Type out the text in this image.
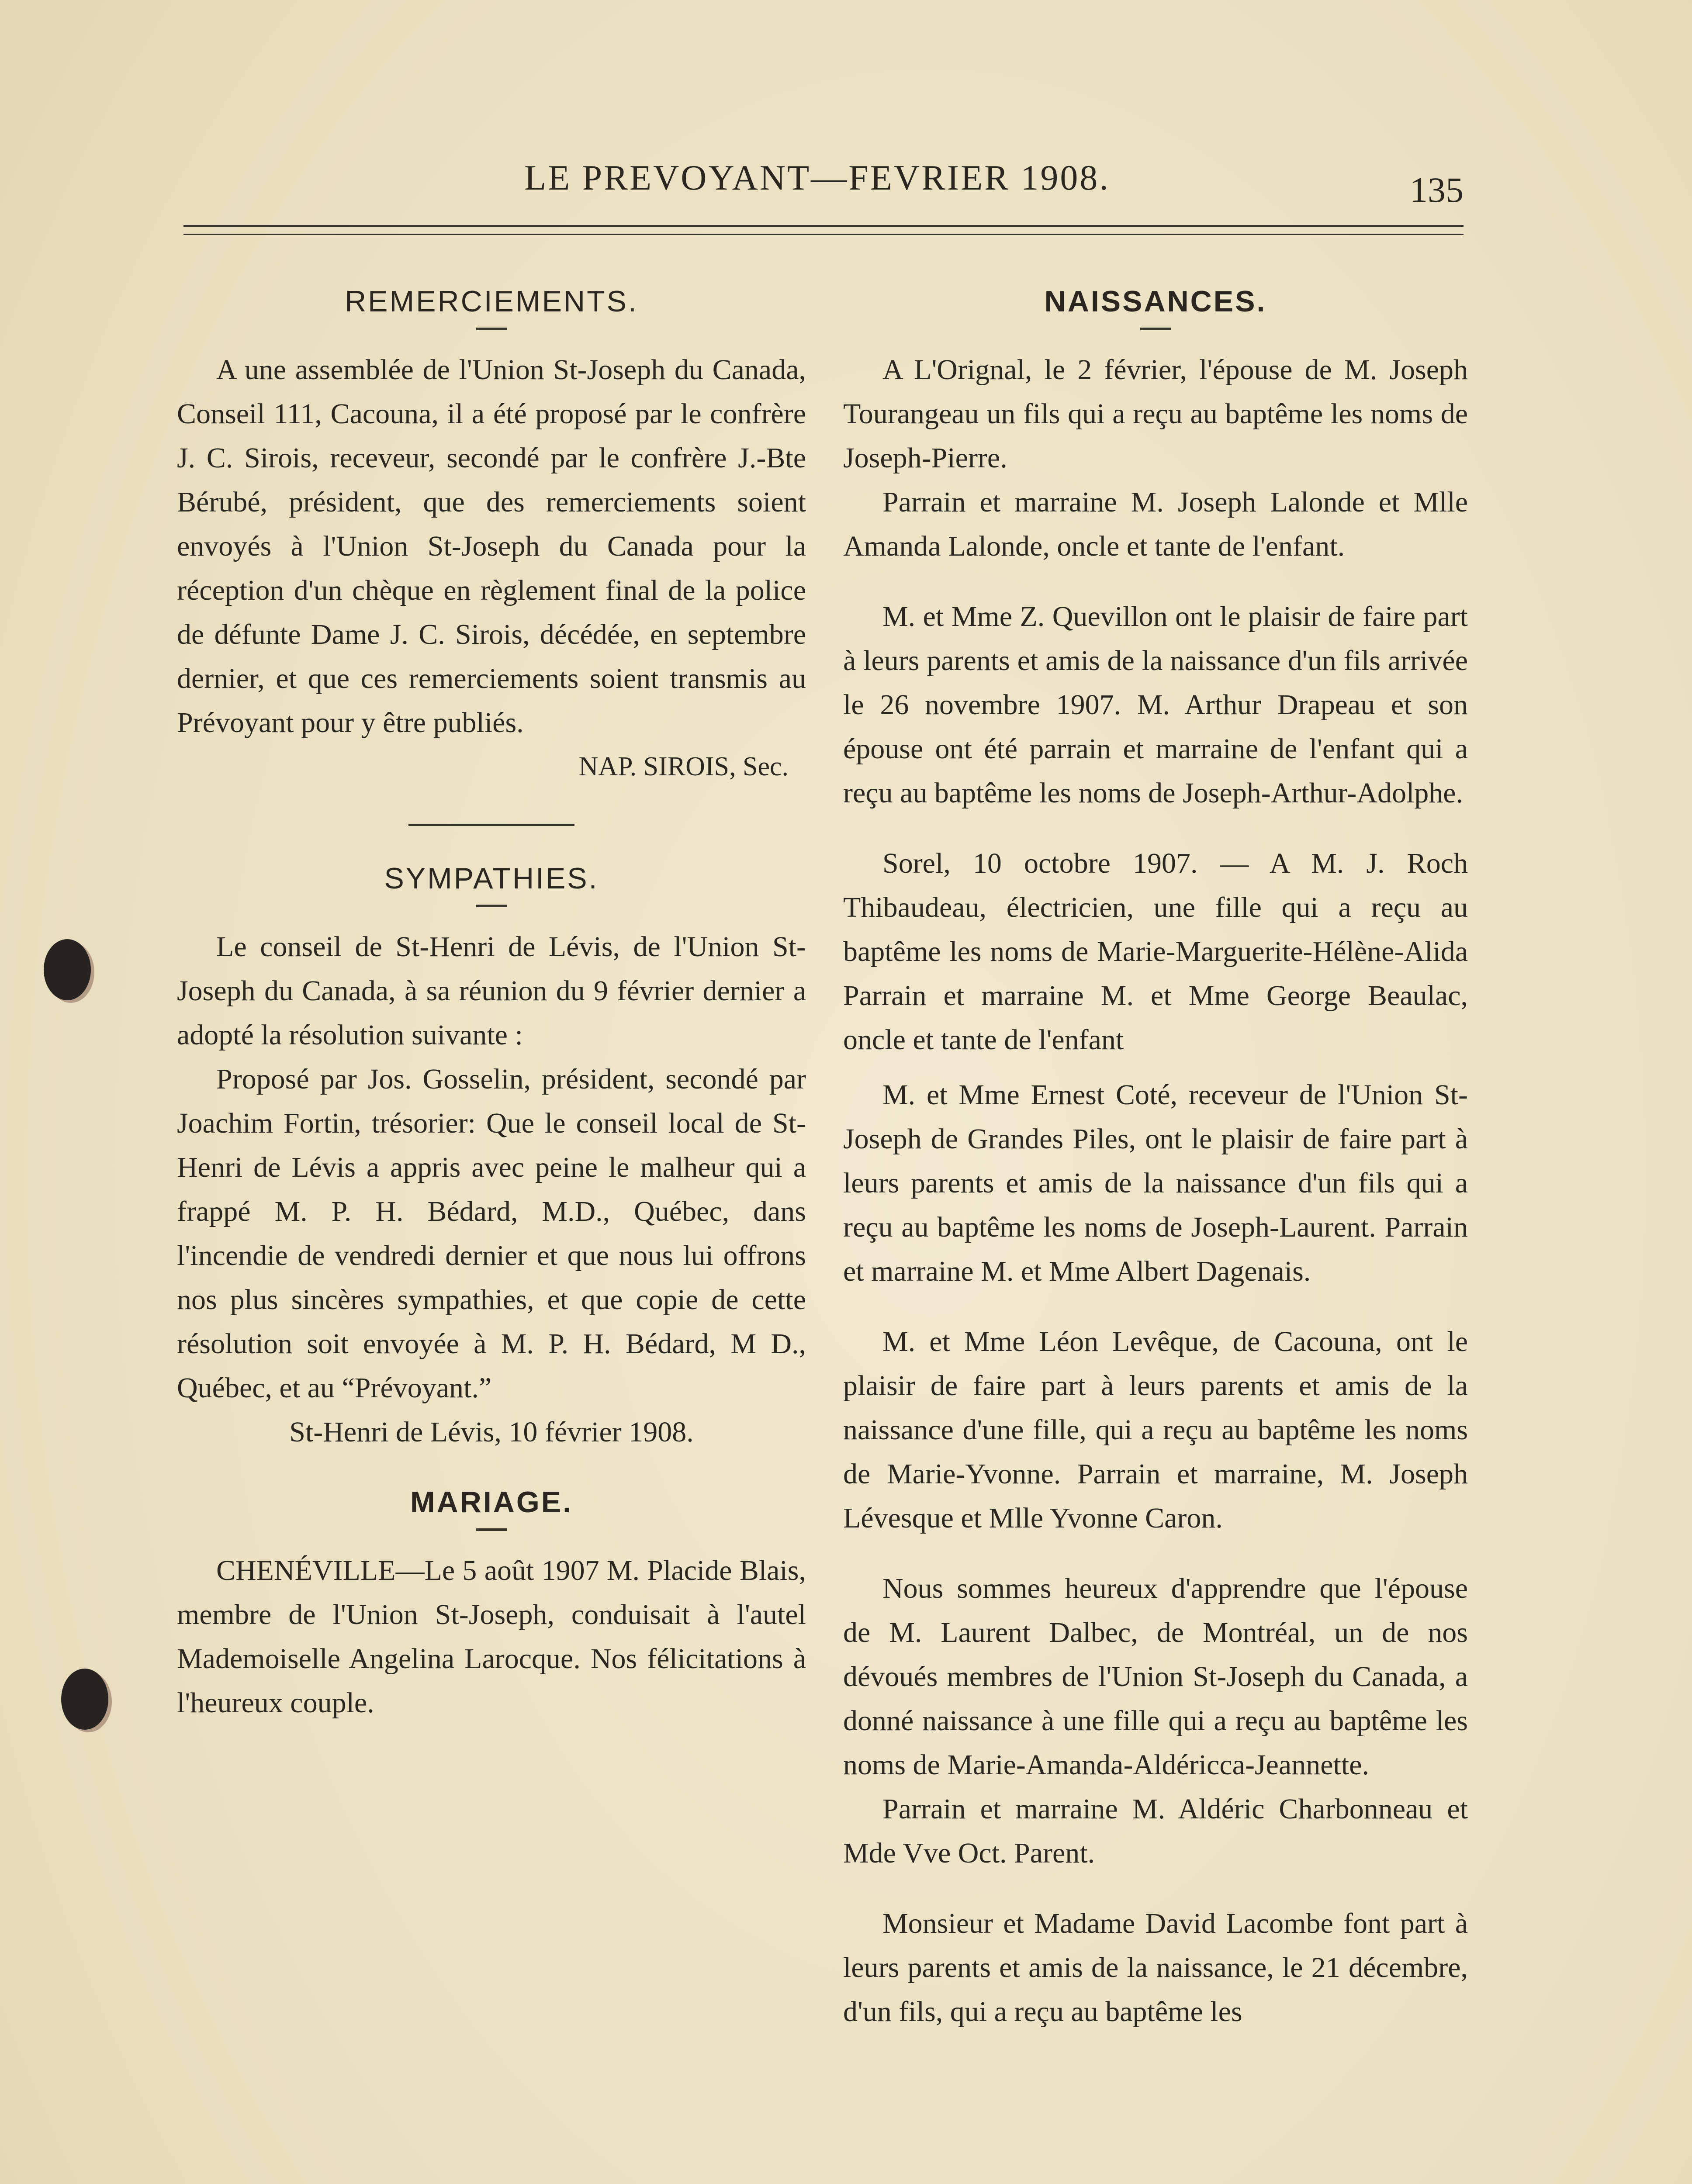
LE PREVOYANT—FEVRIER 1908.	135
REMERCIEMENTS.

A une assemblée de l'Union St-Joseph du Canada, Conseil 111, Cacouna, il a été proposé par le confrère J. C. Sirois, receveur, secondé par le confrère J.-Bte Bérubé, président, que des remerciements soient envoyés à l'Union St-Joseph du Canada pour la réception d'un chèque en règlement final de la police de défunte Dame J. C. Sirois, décédée, en septembre dernier, et que ces remerciements soient transmis au Prévoyant pour y être publiés.

NAP. SIROIS, Sec.

SYMPATHIES.

Le conseil de St-Henri de Lévis, de l'Union St-Joseph du Canada, à sa réunion du 9 février dernier a adopté la résolution suivante :

Proposé par Jos. Gosselin, président, secondé par Joachim Fortin, trésorier: Que le conseil local de St-Henri de Lévis a appris avec peine le malheur qui a frappé M. P. H. Bédard, M.D., Québec, dans l'incendie de vendredi dernier et que nous lui offrons nos plus sincères sympathies, et que copie de cette résolution soit envoyée à M. P. H. Bédard, M D., Québec, et au “Prévoyant.”

St-Henri de Lévis, 10 février 1908.

MARIAGE.

CHENÉVILLE—Le 5 août 1907 M. Placide Blais, membre de l'Union St-Joseph, conduisait à l'autel Mademoiselle Angelina Larocque. Nos félicitations à l'heureux couple.

NAISSANCES.

A L'Orignal, le 2 février, l'épouse de M. Joseph Tourangeau un fils qui a reçu au baptême les noms de Joseph-Pierre.

Parrain et marraine M. Joseph Lalonde et Mlle Amanda Lalonde, oncle et tante de l'enfant.

M. et Mme Z. Quevillon ont le plaisir de faire part à leurs parents et amis de la naissance d'un fils arrivée le 26 novembre 1907. M. Arthur Drapeau et son épouse ont été parrain et marraine de l'enfant qui a reçu au baptême les noms de Joseph-Arthur-Adolphe.

Sorel, 10 octobre 1907. — A M. J. Roch Thibaudeau, électricien, une fille qui a reçu au baptême les noms de Marie-Marguerite-Hélène-Alida Parrain et marraine M. et Mme George Beaulac, oncle et tante de l'enfant

M. et Mme Ernest Coté, receveur de l'Union St-Joseph de Grandes Piles, ont le plaisir de faire part à leurs parents et amis de la naissance d'un fils qui a reçu au baptême les noms de Joseph-Laurent. Parrain et marraine M. et Mme Albert Dagenais.

M. et Mme Léon Levêque, de Cacouna, ont le plaisir de faire part à leurs parents et amis de la naissance d'une fille, qui a reçu au baptême les noms de Marie-Yvonne. Parrain et marraine, M. Joseph Lévesque et Mlle Yvonne Caron.

Nous sommes heureux d'apprendre que l'épouse de M. Laurent Dalbec, de Montréal, un de nos dévoués membres de l'Union St-Joseph du Canada, a donné naissance à une fille qui a reçu au baptême les noms de Marie-Amanda-Aldéricca-Jeannette.

Parrain et marraine M. Aldéric Charbonneau et Mde Vve Oct. Parent.

Monsieur et Madame David Lacombe font part à leurs parents et amis de la naissance, le 21 décembre, d'un fils, qui a reçu au baptême les
